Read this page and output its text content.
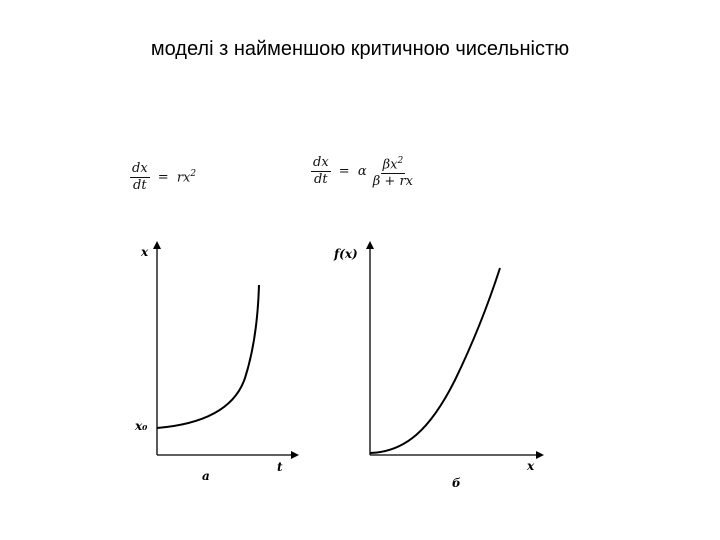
моделі з найменшою критичною чисельністю
$\frac{dx}{dt} = rx^2$	$\frac{dx}{dt} = \alpha \frac{\beta x^2}{\beta + rx}$
x
t
x₀
а
f(x)
x
б
